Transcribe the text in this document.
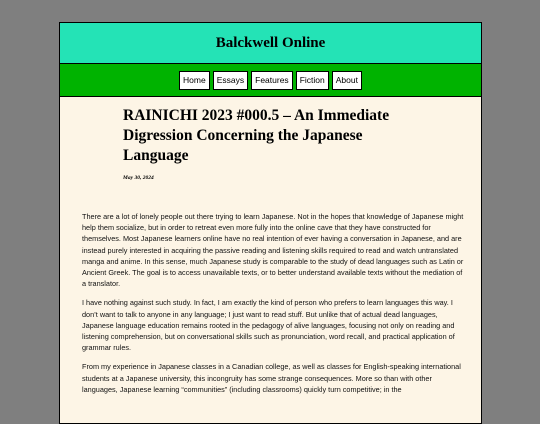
Balckwell Online
Home	Essays	Features	Fiction	About
RAINICHI 2023 #000.5 – An Immediate Digression Concerning the Japanese Language
May 30, 2024

There are a lot of lonely people out there trying to learn Japanese. Not in the hopes that knowledge of Japanese might help them socialize, but in order to retreat even more fully into the online cave that they have constructed for themselves. Most Japanese learners online have no real intention of ever having a conversation in Japanese, and are instead purely interested in acquiring the passive reading and listening skills required to read and watch untranslated manga and anime. In this sense, much Japanese study is comparable to the study of dead languages such as Latin or Ancient Greek. The goal is to access unavailable texts, or to better understand available texts without the mediation of a translator.

I have nothing against such study. In fact, I am exactly the kind of person who prefers to learn languages this way. I don’t want to talk to anyone in any language; I just want to read stuff. But unlike that of actual dead languages, Japanese language education remains rooted in the pedagogy of alive languages, focusing not only on reading and listening comprehension, but on conversational skills such as pronunciation, word recall, and practical application of grammar rules.

From my experience in Japanese classes in a Canadian college, as well as classes for English-speaking international students at a Japanese university, this incongruity has some strange consequences. More so than with other languages, Japanese learning “communities” (including classrooms) quickly turn competitive; in the
